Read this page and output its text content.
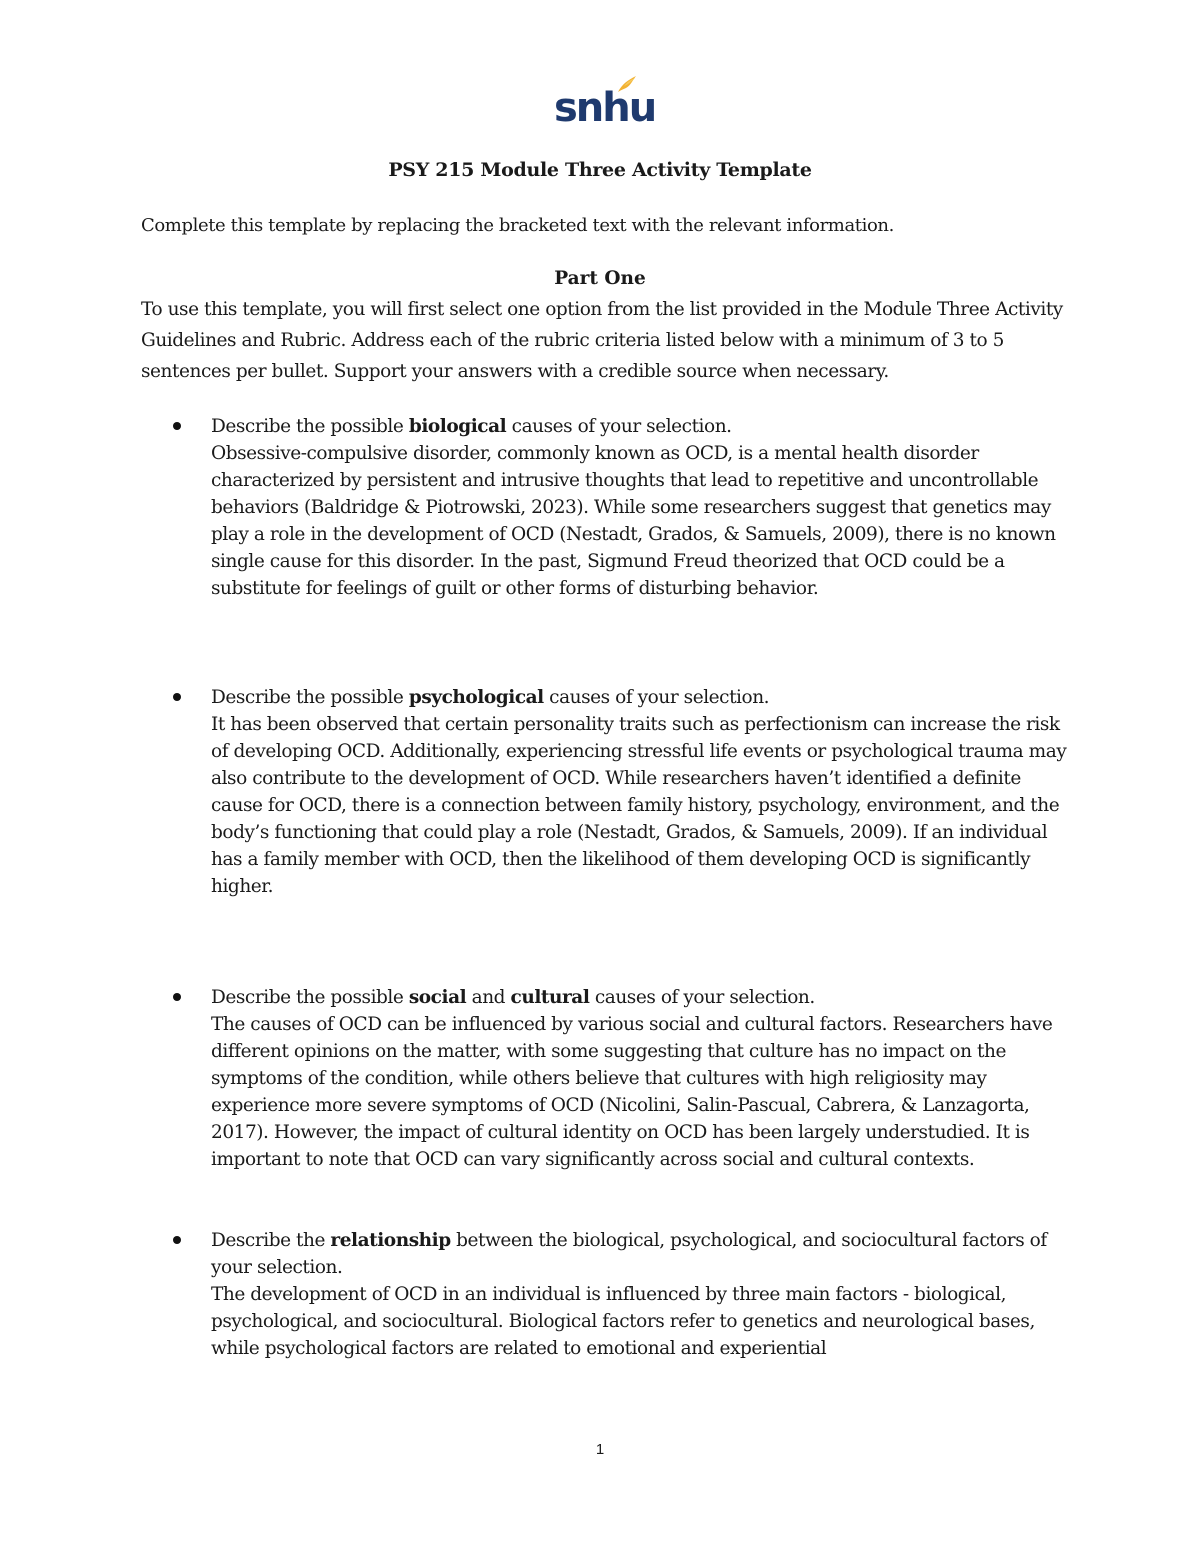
snhu
PSY 215 Module Three Activity Template
Complete this template by replacing the bracketed text with the relevant information.
Part One
To use this template, you will first select one option from the list provided in the Module Three Activity Guidelines and Rubric. Address each of the rubric criteria listed below with a minimum of 3 to 5 sentences per bullet. Support your answers with a credible source when necessary.

Describe the possible biological causes of your selection.

Obsessive-compulsive disorder, commonly known as OCD, is a mental health disorder characterized by persistent and intrusive thoughts that lead to repetitive and uncontrollable behaviors (Baldridge & Piotrowski, 2023). While some researchers suggest that genetics may play a role in the development of OCD (Nestadt, Grados, & Samuels, 2009), there is no known single cause for this disorder. In the past, Sigmund Freud theorized that OCD could be a substitute for feelings of guilt or other forms of disturbing behavior.

Describe the possible psychological causes of your selection.

It has been observed that certain personality traits such as perfectionism can increase the risk of developing OCD. Additionally, experiencing stressful life events or psychological trauma may also contribute to the development of OCD. While researchers haven’t identified a definite cause for OCD, there is a connection between family history, psychology, environment, and the body’s functioning that could play a role (Nestadt, Grados, & Samuels, 2009). If an individual has a family member with OCD, then the likelihood of them developing OCD is significantly higher.

Describe the possible social and cultural causes of your selection.

The causes of OCD can be influenced by various social and cultural factors. Researchers have different opinions on the matter, with some suggesting that culture has no impact on the symptoms of the condition, while others believe that cultures with high religiosity may experience more severe symptoms of OCD (Nicolini, Salin-Pascual, Cabrera, & Lanzagorta, 2017). However, the impact of cultural identity on OCD has been largely understudied. It is important to note that OCD can vary significantly across social and cultural contexts.

Describe the relationship between the biological, psychological, and sociocultural factors of your selection.

The development of OCD in an individual is influenced by three main factors - biological, psychological, and sociocultural. Biological factors refer to genetics and neurological bases, while psychological factors are related to emotional and experiential

1
